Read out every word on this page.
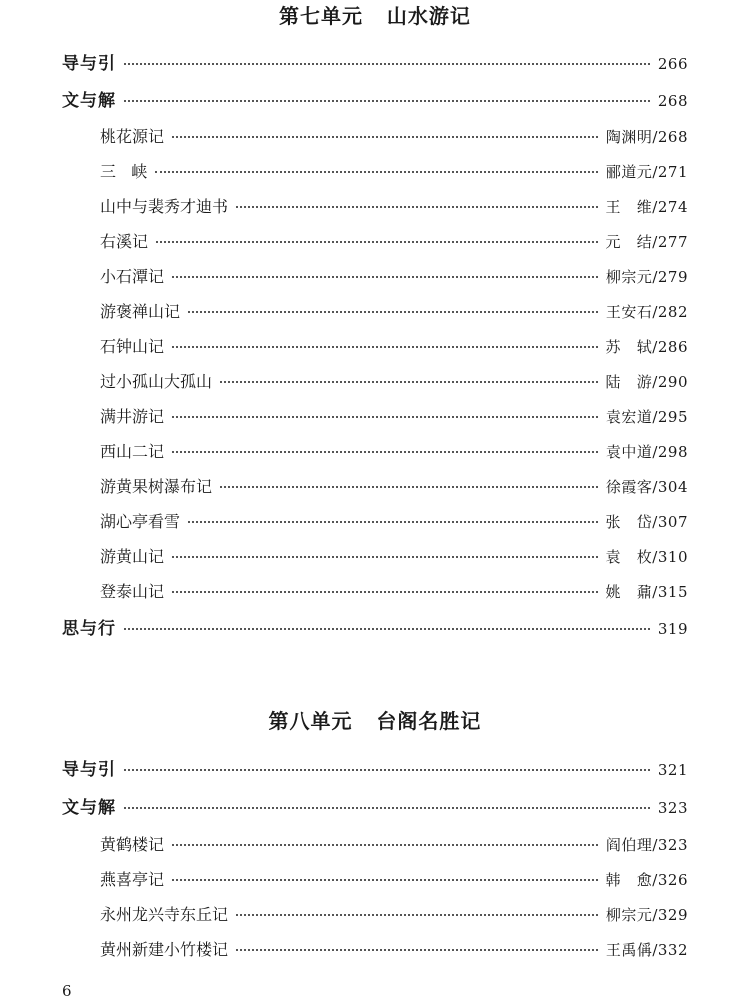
第七单元   山水游记
导与引	266
文与解	268
桃花源记	陶渊明/268
三   峡	郦道元/271
山中与裴秀才迪书	王   维/274
右溪记	元   结/277
小石潭记	柳宗元/279
游褒禅山记	王安石/282
石钟山记	苏   轼/286
过小孤山大孤山	陆   游/290
满井游记	袁宏道/295
西山二记	袁中道/298
游黄果树瀑布记	徐霞客/304
湖心亭看雪	张   岱/307
游黄山记	袁   枚/310
登泰山记	姚   鼐/315
思与行	319
第八单元   台阁名胜记
导与引	321
文与解	323
黄鹤楼记	阎伯理/323
燕喜亭记	韩   愈/326
永州龙兴寺东丘记	柳宗元/329
黄州新建小竹楼记	王禹偁/332
6
